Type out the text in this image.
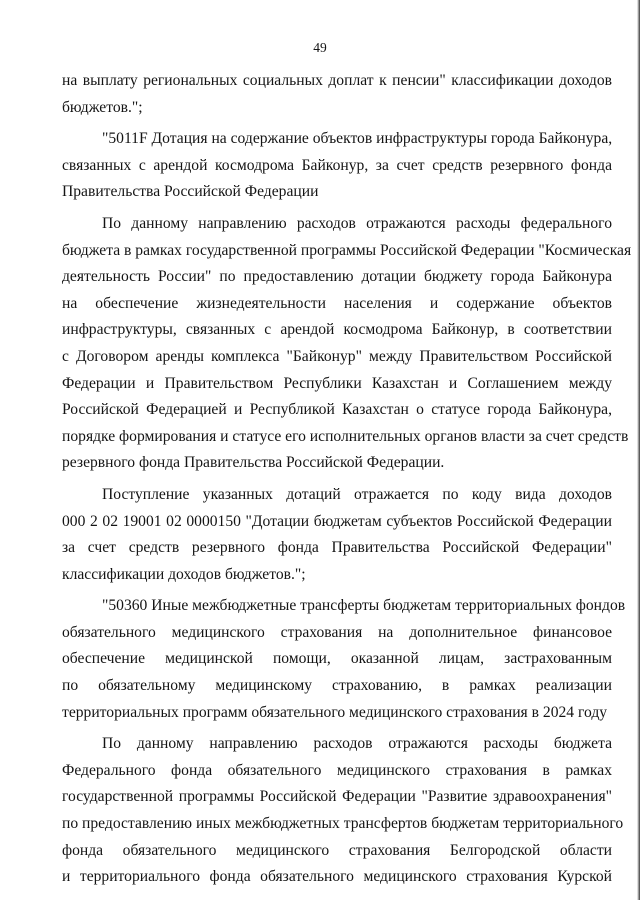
49
на выплату региональных социальных доплат к пенсии" классификации доходов
бюджетов.";
"5011F Дотация на содержание объектов инфраструктуры города Байконура,
связанных с арендой космодрома Байконур, за счет средств резервного фонда
Правительства Российской Федерации
По данному направлению расходов отражаются расходы федерального
бюджета в рамках государственной программы Российской Федерации "Космическая
деятельность России" по предоставлению дотации бюджету города Байконура
на обеспечение жизнедеятельности населения и содержание объектов
инфраструктуры, связанных с арендой космодрома Байконур, в соответствии
с Договором аренды комплекса "Байконур" между Правительством Российской
Федерации и Правительством Республики Казахстан и Соглашением между
Российской Федерацией и Республикой Казахстан о статусе города Байконура,
порядке формирования и статусе его исполнительных органов власти за счет средств
резервного фонда Правительства Российской Федерации.
Поступление указанных дотаций отражается по коду вида доходов
000 2 02 19001 02 0000150 "Дотации бюджетам субъектов Российской Федерации
за счет средств резервного фонда Правительства Российской Федерации"
классификации доходов бюджетов.";
"50360 Иные межбюджетные трансферты бюджетам территориальных фондов
обязательного медицинского страхования на дополнительное финансовое
обеспечение медицинской помощи, оказанной лицам, застрахованным
по обязательному медицинскому страхованию, в рамках реализации
территориальных программ обязательного медицинского страхования в 2024 году
По данному направлению расходов отражаются расходы бюджета
Федерального фонда обязательного медицинского страхования в рамках
государственной программы Российской Федерации "Развитие здравоохранения"
по предоставлению иных межбюджетных трансфертов бюджетам территориального
фонда обязательного медицинского страхования Белгородской области
и территориального фонда обязательного медицинского страхования Курской
